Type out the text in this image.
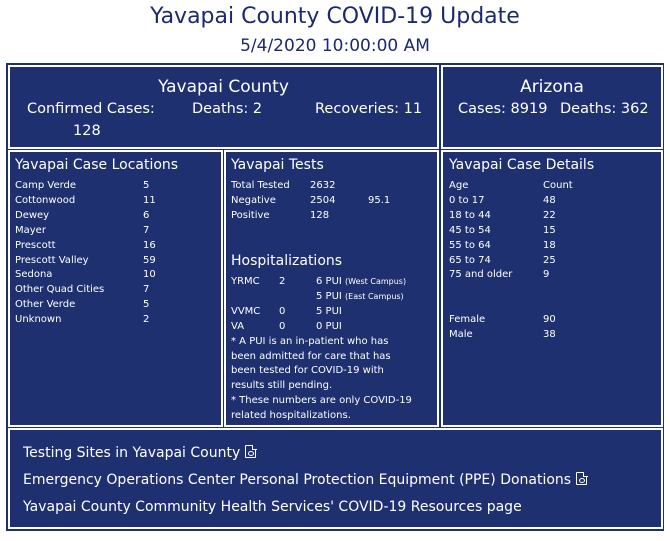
Yavapai County COVID-19 Update
5/4/2020 10:00:00 AM
Yavapai County
Confirmed Cases:
128
Deaths: 2	Recoveries: 11
Arizona
Cases: 8919 Deaths: 362
Yavapai Case Locations
Camp Verde	5
Cottonwood	11
Dewey	6
Mayer	7
Prescott	16
Prescott Valley	59
Sedona	10
Other Quad Cities	7
Other Verde	5
Unknown	2
Yavapai Tests
Total Tested 2632
Negative	2504	95.1
Positive	128
Hospitalizations
YRMC 2	6 PUI (West Campus)
5 PUI (East Campus)
VVMC 0	5 PUI
VA	0	0 PUI
* A PUI is an in-patient who has
been admitted for care that has
been tested for COVID-19 with
results still pending.
* These numbers are only COVID-19
related hospitalizations.
Yavapai Case Details
Age	Count
0 to 17	48
18 to 44	22
45 to 54	15
55 to 64	18
65 to 74	25
75 and older	9
Female	90
Male	38
Testing Sites in Yavapai County
Emergency Operations Center Personal Protection Equipment (PPE) Donations
Yavapai County Community Health Services' COVID-19 Resources page
